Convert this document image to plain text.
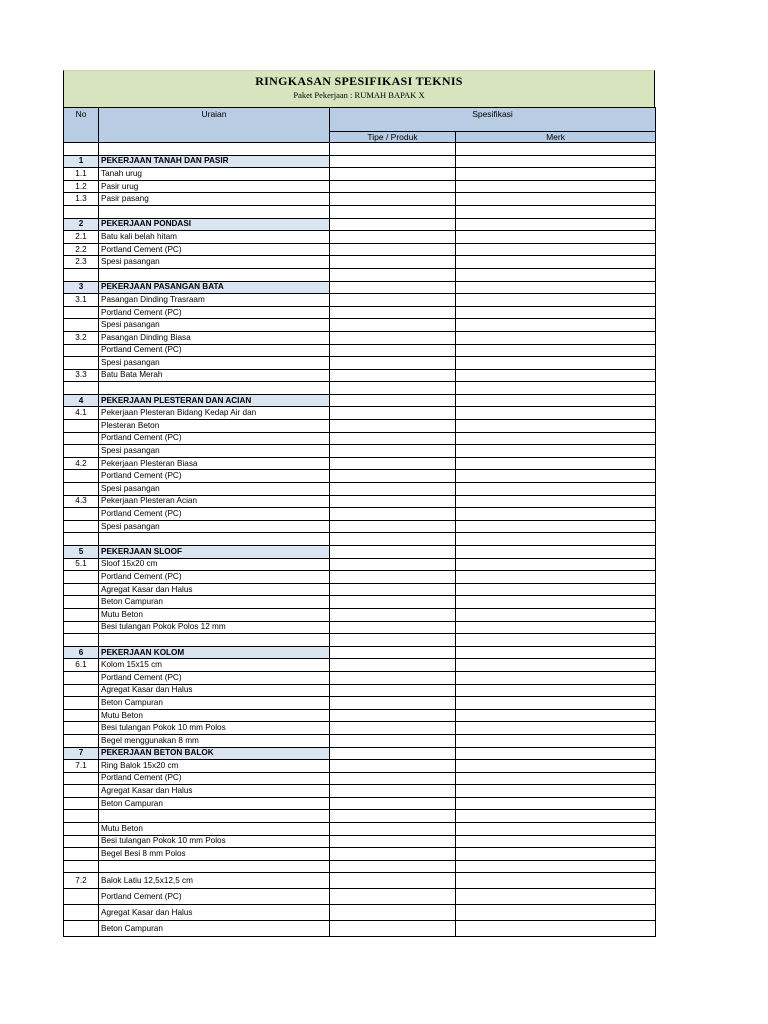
RINGKASAN SPESIFIKASI TEKNIS
Paket Pekerjaan : RUMAH BAPAK X
No	Uraian	Spesifikasi	
		Tipe / Produk	Merk

1	PEKERJAAN TANAH DAN PASIR		
1.1	Tanah urug		
1.2	Pasir urug		
1.3	Pasir pasang		

2	PEKERJAAN PONDASI		
2.1	Batu kali belah hitam		
2.2	Portland Cement (PC)		
2.3	Spesi pasangan		

3	PEKERJAAN PASANGAN BATA		
3.1	Pasangan Dinding Trasraam		
	Portland Cement (PC)		
	Spesi pasangan		
3.2	Pasangan Dinding Biasa		
	Portland Cement (PC)		
	Spesi pasangan		
3.3	Batu Bata Merah		

4	PEKERJAAN PLESTERAN DAN ACIAN		
4.1	Pekerjaan Plesteran Bidang Kedap Air dan		
	Plesteran Beton		
	Portland Cement (PC)		
	Spesi pasangan		
4.2	Pekerjaan Plesteran Biasa		
	Portland Cement (PC)		
	Spesi pasangan		
4.3	Pekerjaan Plesteran Acian		
	Portland Cement (PC)		
	Spesi pasangan		

5	PEKERJAAN SLOOF		
5.1	Sloof 15x20 cm		
	Portland Cement (PC)		
	Agregat Kasar dan Halus		
	Beton Campuran		
	Mutu Beton		
	Besi tulangan Pokok Polos 12 mm		

6	PEKERJAAN KOLOM		
6.1	Kolom 15x15 cm		
	Portland Cement (PC)		
	Agregat Kasar dan Halus		
	Beton Campuran		
	Mutu Beton		
	Besi tulangan Pokok 10 mm Polos		
	Begel menggunakan 8 mm		
7	PEKERJAAN BETON BALOK		
7.1	Ring Balok 15x20 cm		
	Portland Cement (PC)		
	Agregat Kasar dan Halus		
	Beton Campuran		

	Mutu Beton		
	Besi tulangan Pokok 10 mm Polos		
	Begel Besi 8 mm Polos		

7.2	Balok Latiu 12,5x12,5 cm		
	Portland Cement (PC)		
	Agregat Kasar dan Halus		
	Beton Campuran		
